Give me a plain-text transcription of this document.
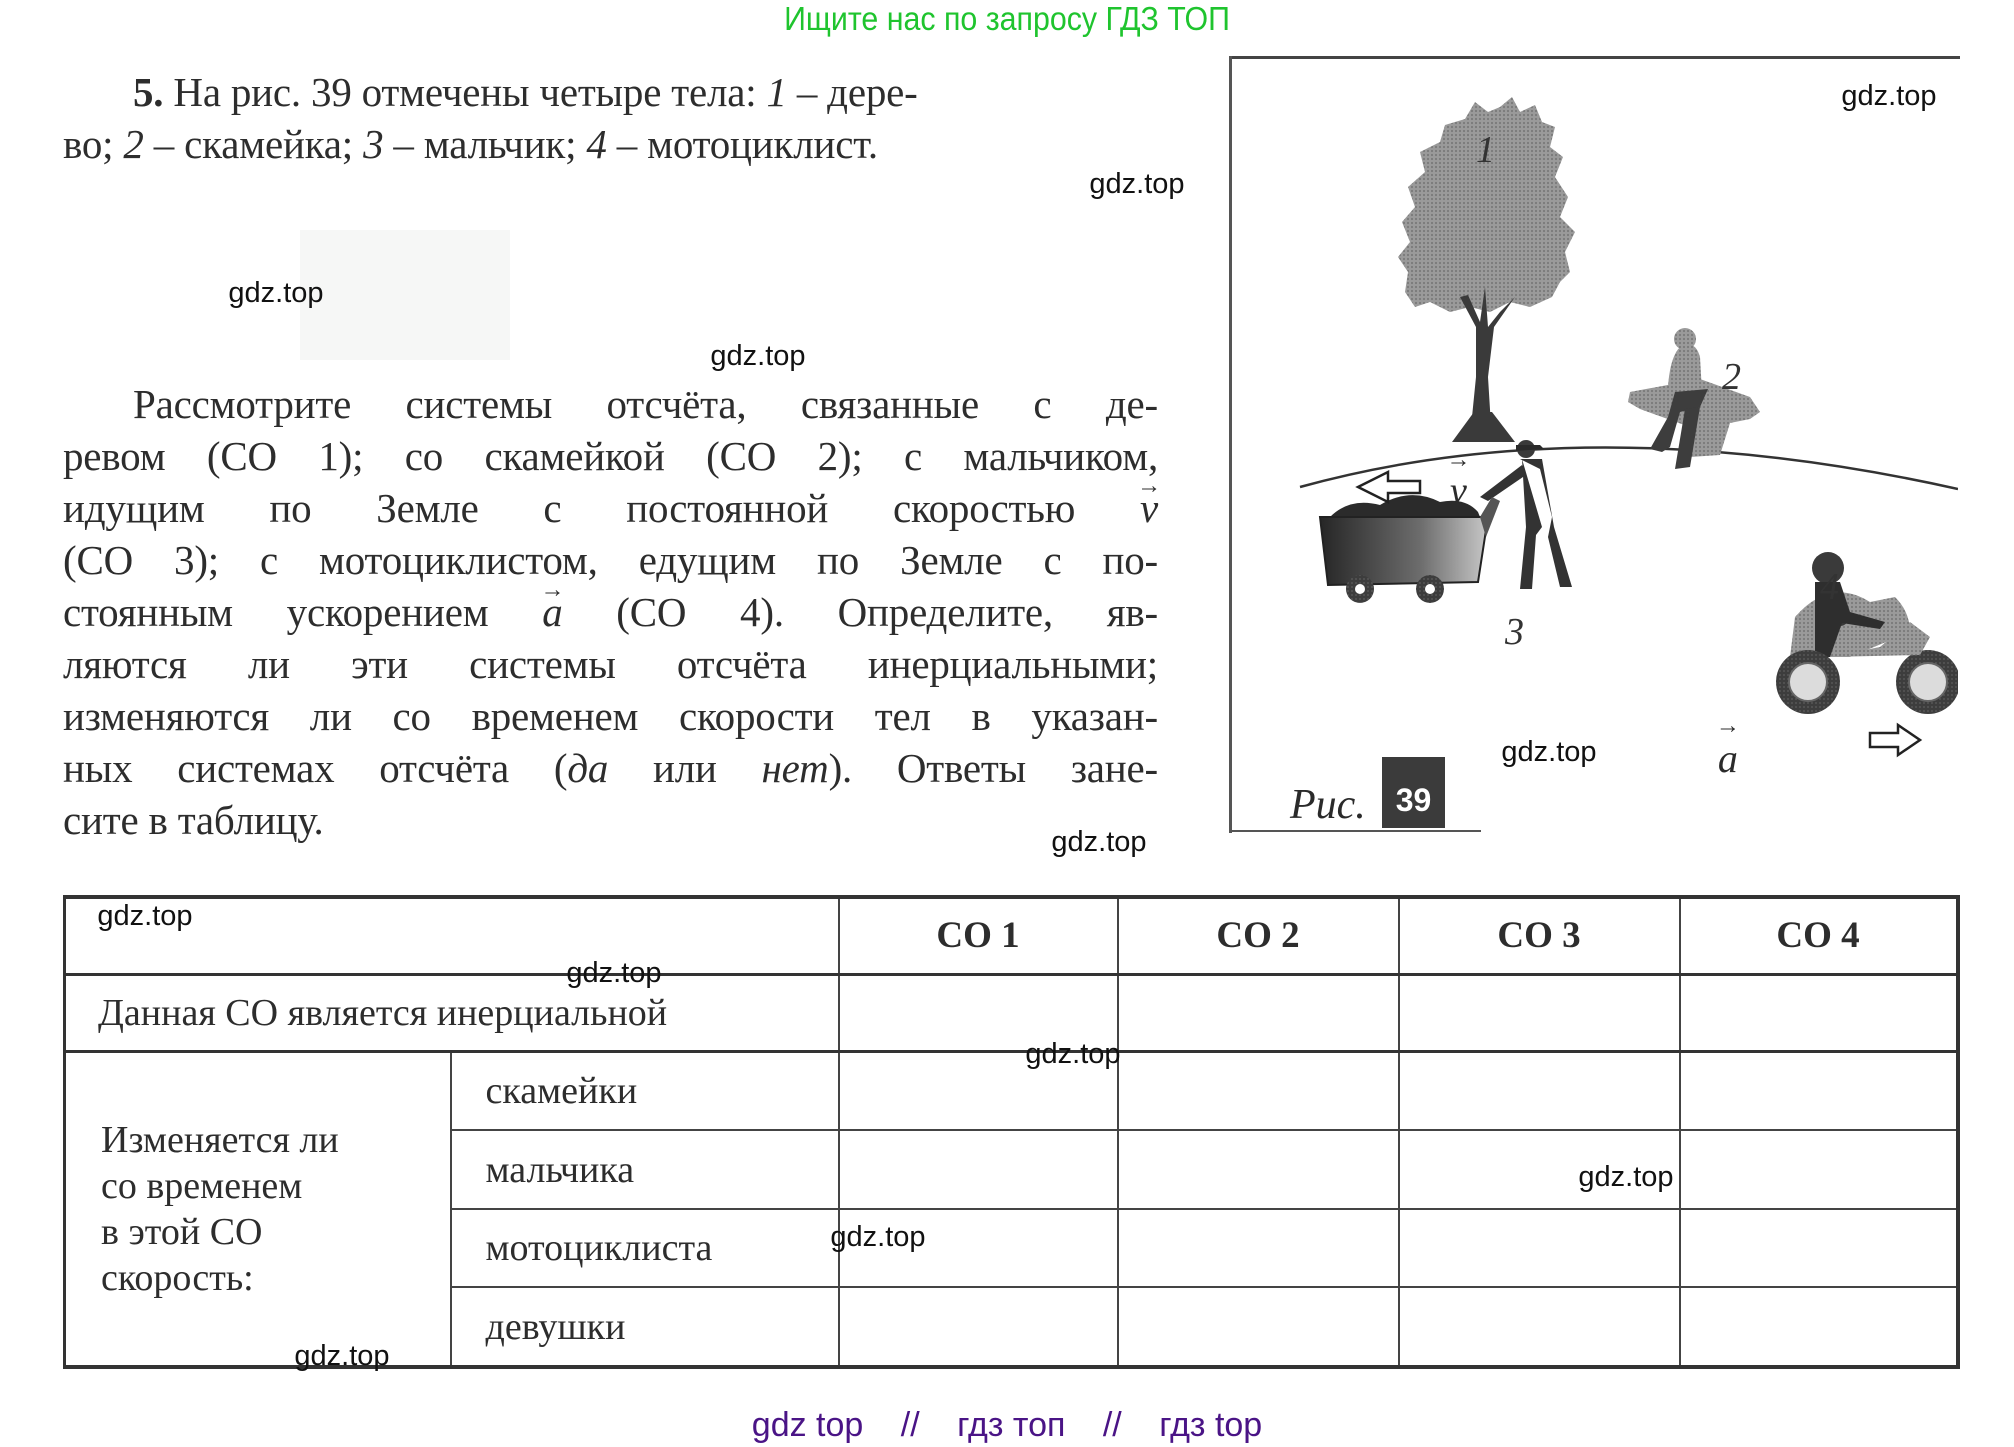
Ищите нас по запросу ГДЗ ТОП

5. На рис. 39 отмечены четыре тела: 1 – дере-
во; 2 – скамейка; 3 – мальчик; 4 – мотоциклист.
Рассмотрите системы отсчёта, связанные с де-
ревом (СО 1); со скамейкой (СО 2); с мальчиком,
идущим по Земле с постоянной скоростью → v
(СО 3); с мотоциклистом, едущим по Земле с по-
стоянным ускорением → a (СО 4). Определите, яв-
ляются ли эти системы отсчёта инерциальными;
изменяются ли со временем скорости тел в указан-
ных системах отсчёта (да или нет). Ответы зане-
сите в таблицу.
1
2
3
4
→ v → a
Рис. 39
		СО 1	СО 2	СО 3	СО 4
Данная СО является инерциальной					

Изменяется ли
со временем
в этой СО
скорость:	скамейки				
	мальчика				
	мотоциклиста				
	девушки				
gdz.top
gdz.top
gdz.top
gdz.top
gdz.top
gdz.top
gdz.top
gdz.top
gdz.top
gdz.top
gdz.top
gdz.top
gdz top // гдз топ // гдз top
